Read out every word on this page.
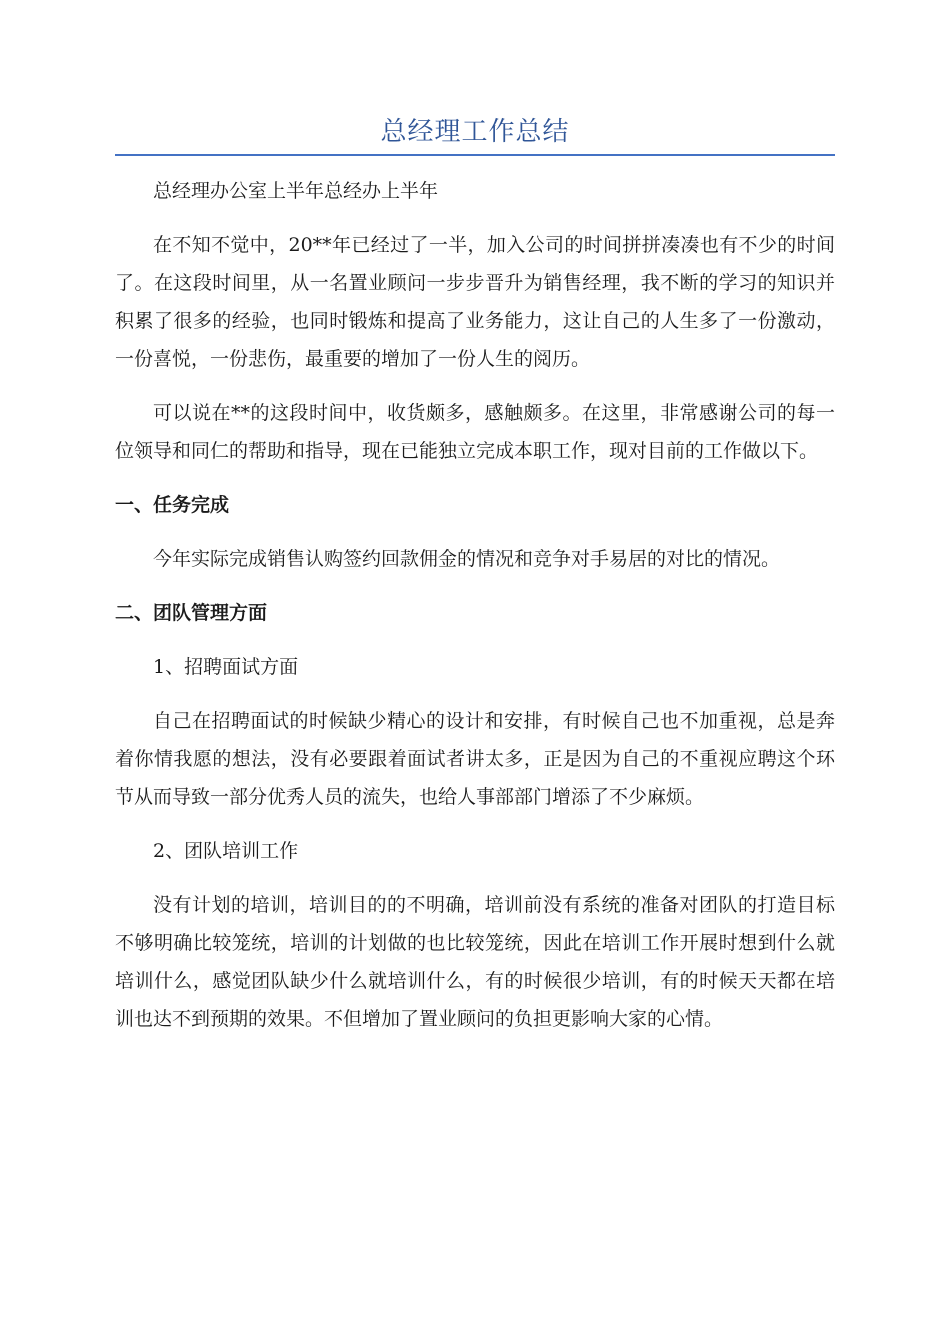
总经理工作总结

总经理办公室上半年总经办上半年

在不知不觉中，20**年已经过了一半，加入公司的时间拼拼凑凑也有不少的时间了。在这段时间里，从一名置业顾问一步步晋升为销售经理，我不断的学习的知识并积累了很多的经验，也同时锻炼和提高了业务能力，这让自己的人生多了一份激动，一份喜悦，一份悲伤，最重要的增加了一份人生的阅历。

可以说在**的这段时间中，收货颇多，感触颇多。在这里，非常感谢公司的每一位领导和同仁的帮助和指导，现在已能独立完成本职工作，现对目前的工作做以下。

一、任务完成

今年实际完成销售认购签约回款佣金的情况和竞争对手易居的对比的情况。

二、团队管理方面

1、招聘面试方面

自己在招聘面试的时候缺少精心的设计和安排，有时候自己也不加重视，总是奔着你情我愿的想法，没有必要跟着面试者讲太多，正是因为自己的不重视应聘这个环节从而导致一部分优秀人员的流失，也给人事部部门增添了不少麻烦。

2、团队培训工作

没有计划的培训，培训目的的不明确，培训前没有系统的准备对团队的打造目标不够明确比较笼统，培训的计划做的也比较笼统，因此在培训工作开展时想到什么就培训什么，感觉团队缺少什么就培训什么，有的时候很少培训，有的时候天天都在培训也达不到预期的效果。不但增加了置业顾问的负担更影响大家的心情。
